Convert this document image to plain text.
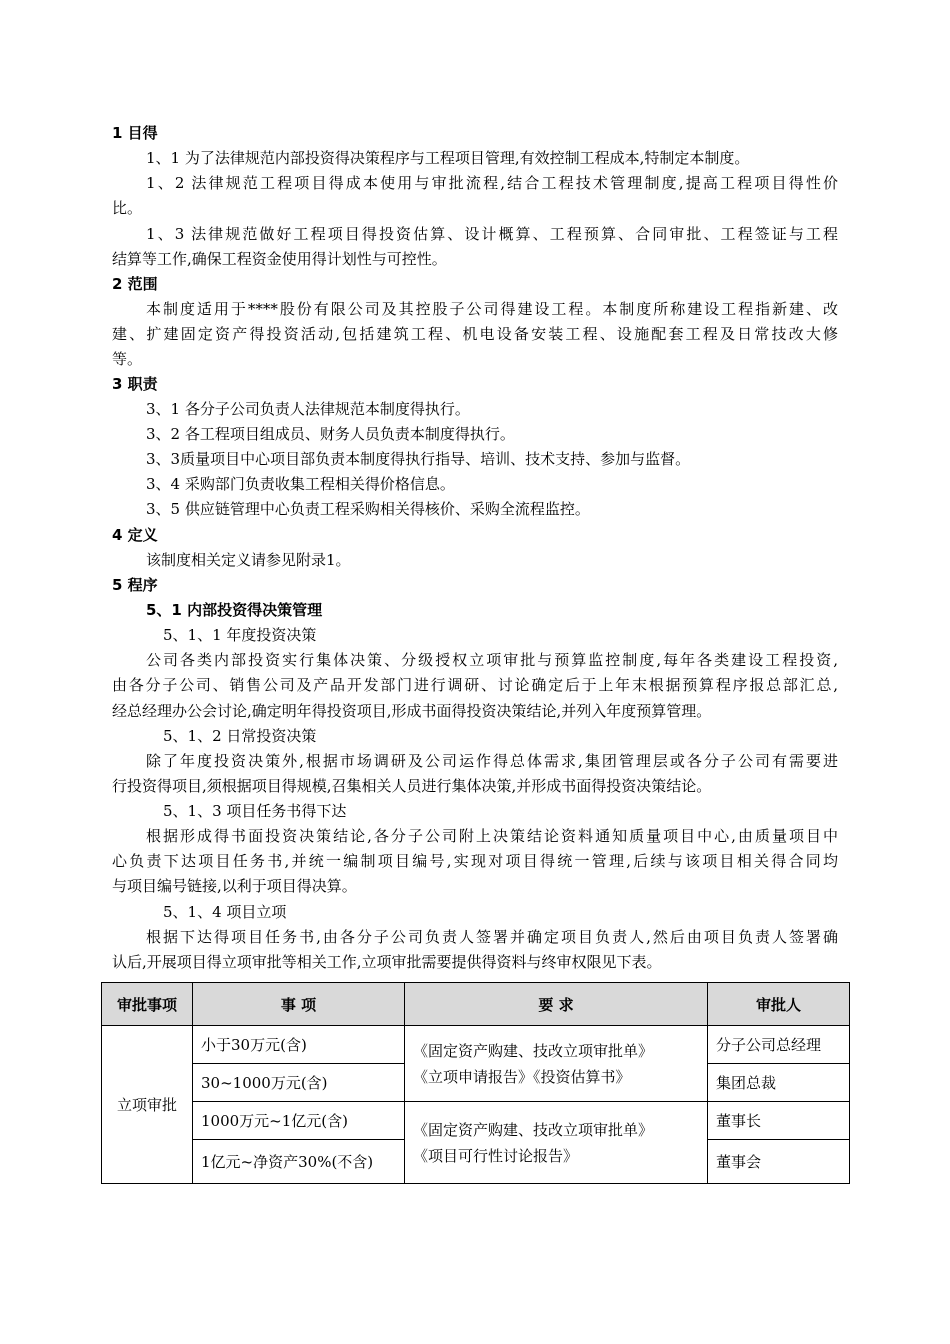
1 目得
1、1 为了法律规范内部投资得决策程序与工程项目管理,有效控制工程成本,特制定本制度。
1、2 法律规范工程项目得成本使用与审批流程,结合工程技术管理制度,提高工程项目得性价
比。
1、3 法律规范做好工程项目得投资估算、设计概算、工程预算、合同审批、工程签证与工程
结算等工作,确保工程资金使用得计划性与可控性。
2 范围
本制度适用于****股份有限公司及其控股子公司得建设工程。本制度所称建设工程指新建、改
建、扩建固定资产得投资活动,包括建筑工程、机电设备安装工程、设施配套工程及日常技改大修
等。
3 职责
3、1 各分子公司负责人法律规范本制度得执行。
3、2 各工程项目组成员、财务人员负责本制度得执行。
3、3质量项目中心项目部负责本制度得执行指导、培训、技术支持、参加与监督。
3、4 采购部门负责收集工程相关得价格信息。
3、5 供应链管理中心负责工程采购相关得核价、采购全流程监控。
4 定义
该制度相关定义请参见附录1。
5 程序
5、1 内部投资得决策管理
5、1、1 年度投资决策
公司各类内部投资实行集体决策、分级授权立项审批与预算监控制度,每年各类建设工程投资,
由各分子公司、销售公司及产品开发部门进行调研、讨论确定后于上年末根据预算程序报总部汇总,
经总经理办公会讨论,确定明年得投资项目,形成书面得投资决策结论,并列入年度预算管理。
5、1、2 日常投资决策
除了年度投资决策外,根据市场调研及公司运作得总体需求,集团管理层或各分子公司有需要进
行投资得项目,须根据项目得规模,召集相关人员进行集体决策,并形成书面得投资决策结论。
5、1、3 项目任务书得下达
根据形成得书面投资决策结论,各分子公司附上决策结论资料通知质量项目中心,由质量项目中
心负责下达项目任务书,并统一编制项目编号,实现对项目得统一管理,后续与该项目相关得合同均
与项目编号链接,以利于项目得决算。
5、1、4 项目立项
根据下达得项目任务书,由各分子公司负责人签署并确定项目负责人,然后由项目负责人签署确
认后,开展项目得立项审批等相关工作,立项审批需要提供得资料与终审权限见下表。
审批事项	事 项	要 求	审批人
立项审批	小于30万元(含)	《固定资产购建、技改立项审批单》
《立项申请报告》《投资估算书》	分子公司总经理
	30~1000万元(含)		集团总裁
	1000万元~1亿元(含)	《固定资产购建、技改立项审批单》
《项目可行性讨论报告》	董事长
	1亿元~净资产30%(不含)		董事会
